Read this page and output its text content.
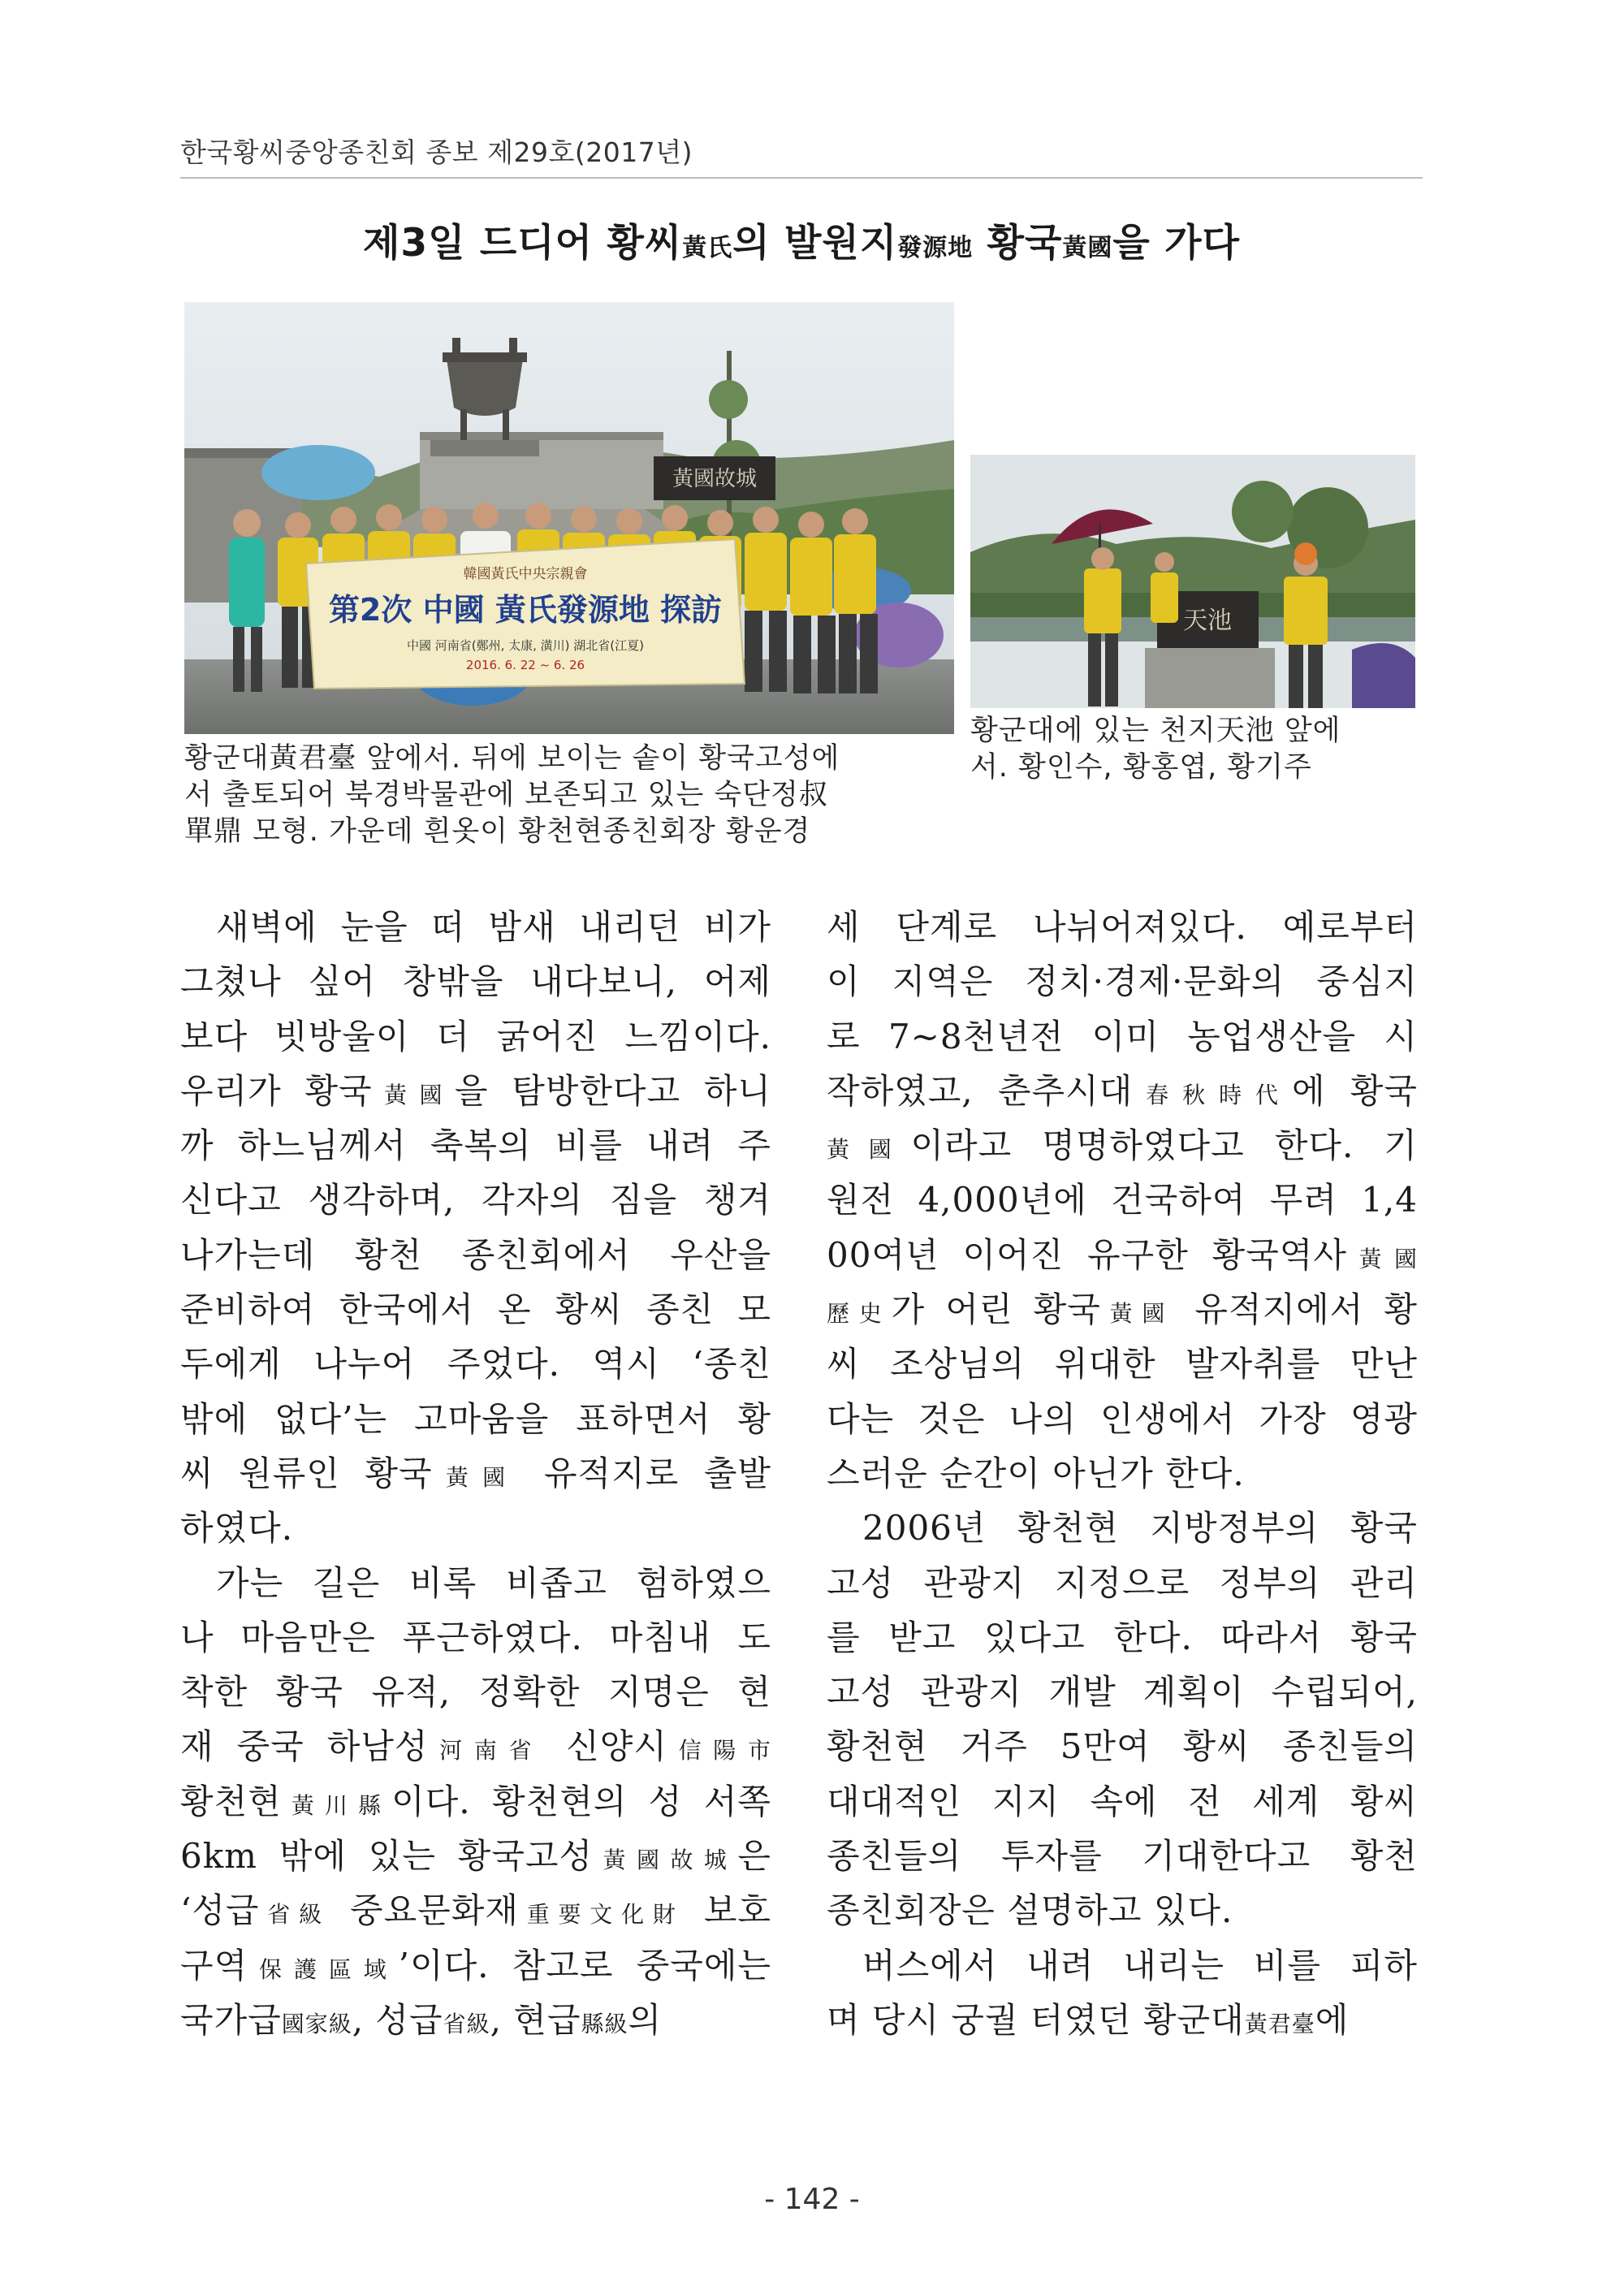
한국황씨중앙종친회 종보 제29호(2017년)
제3일 드디어 황씨黃氏의 발원지發源地 황국黃國을 가다
黃國故城
韓國黃氏中央宗親會
第2次 中國 黃氏發源地 探訪
中國 河南省(鄭州, 太康, 潢川) 湖北省(江夏)
2016. 6. 22 ~ 6. 26
황군대黃君臺 앞에서. 뒤에 보이는 솥이 황국고성에
서 출토되어 북경박물관에 보존되고 있는 숙단정叔
單鼎 모형. 가운데 흰옷이 황천현종친회장 황운경
天池
황군대에 있는 천지天池 앞에
서. 황인수, 황홍엽, 황기주
새벽에 눈을 떠 밤새 내리던 비가
그쳤나 싶어 창밖을 내다보니, 어제
보다 빗방울이 더 굵어진 느낌이다.
우리가 황국黃國을 탐방한다고 하니
까 하느님께서 축복의 비를 내려 주
신다고 생각하며, 각자의 짐을 챙겨
나가는데 황천 종친회에서 우산을
준비하여 한국에서 온 황씨 종친 모
두에게 나누어 주었다. 역시 ‘종친
밖에 없다’는 고마움을 표하면서 황
씨 원류인 황국黃國 유적지로 출발
하였다.
가는 길은 비록 비좁고 험하였으
나 마음만은 푸근하였다. 마침내 도
착한 황국 유적, 정확한 지명은 현
재 중국 하남성河南省 신양시信陽市
황천현黃川縣이다. 황천현의 성 서쪽
6km 밖에 있는 황국고성黃國故城은
‘성급省級 중요문화재重要文化財 보호
구역保護區域’이다. 참고로 중국에는
국가급國家級, 성급省級, 현급縣級의
세 단계로 나뉘어져있다. 예로부터
이 지역은 정치·경제·문화의 중심지
로 7~8천년전 이미 농업생산을 시
작하였고, 춘추시대春秋時代에 황국
黃國이라고 명명하였다고 한다. 기
원전 4,000년에 건국하여 무려 1,4
00여년 이어진 유구한 황국역사黃國
歷史가 어린 황국黃國 유적지에서 황
씨 조상님의 위대한 발자취를 만난
다는 것은 나의 인생에서 가장 영광
스러운 순간이 아닌가 한다.
2006년 황천현 지방정부의 황국
고성 관광지 지정으로 정부의 관리
를 받고 있다고 한다. 따라서 황국
고성 관광지 개발 계획이 수립되어,
황천현 거주 5만여 황씨 종친들의
대대적인 지지 속에 전 세계 황씨
종친들의 투자를 기대한다고 황천
종친회장은 설명하고 있다.
버스에서 내려 내리는 비를 피하
며 당시 궁궐 터였던 황군대黃君臺에
- 142 -
